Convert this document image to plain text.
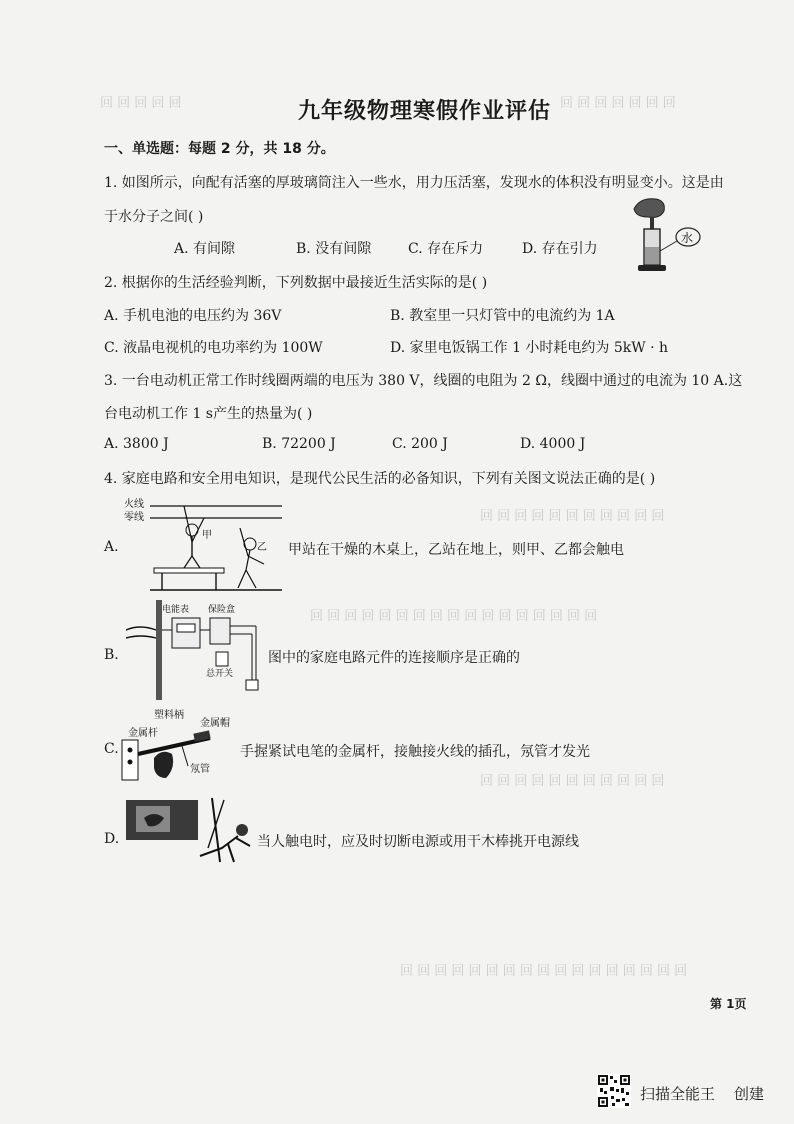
回 回 回 回 回	回 回 回 回 回 回 回
回 回 回 回 回 回 回 回 回 回 回
回 回 回 回 回 回 回 回 回 回 回 回 回 回 回 回 回
回 回 回 回 回 回 回 回 回 回 回
回 回 回 回 回 回 回 回 回 回 回 回 回 回 回 回 回
九年级物理寒假作业评估
一、单选题：每题 2 分，共 18 分。
1. 如图所示，向配有活塞的厚玻璃筒注入一些水，用力压活塞，发现水的体积没有明显变小。这是由
于水分子之间( )
A. 有间隙	B. 没有间隙	C. 存在斥力	D. 存在引力
水
2. 根据你的生活经验判断，下列数据中最接近生活实际的是( )
A. 手机电池的电压约为 36V	B. 教室里一只灯管中的电流约为 1A
C. 液晶电视机的电功率约为 100W	D. 家里电饭锅工作 1 小时耗电约为 5kW · h
3. 一台电动机正常工作时线圈两端的电压为 380 V，线圈的电阻为 2 Ω，线圈中通过的电流为 10 A.这
台电动机工作 1 s产生的热量为( )
A. 3800 J	B. 72200 J	C. 200 J	D. 4000 J
4. 家庭电路和安全用电知识，是现代公民生活的必备知识，下列有关图文说法正确的是( )
A.
火线
零线
甲
乙 甲站在干燥的木桌上，乙站在地上，则甲、乙都会触电
B.
电能表 保险盒
总开关
图中的家庭电路元件的连接顺序是正确的
C.
塑料柄
金属帽
金属杆
氖管
手握紧试电笔的金属杆，接触接火线的插孔，氖管才发光
D.	当人触电时，应及时切断电源或用干木棒挑开电源线
第 1页
扫描全能王 创建
